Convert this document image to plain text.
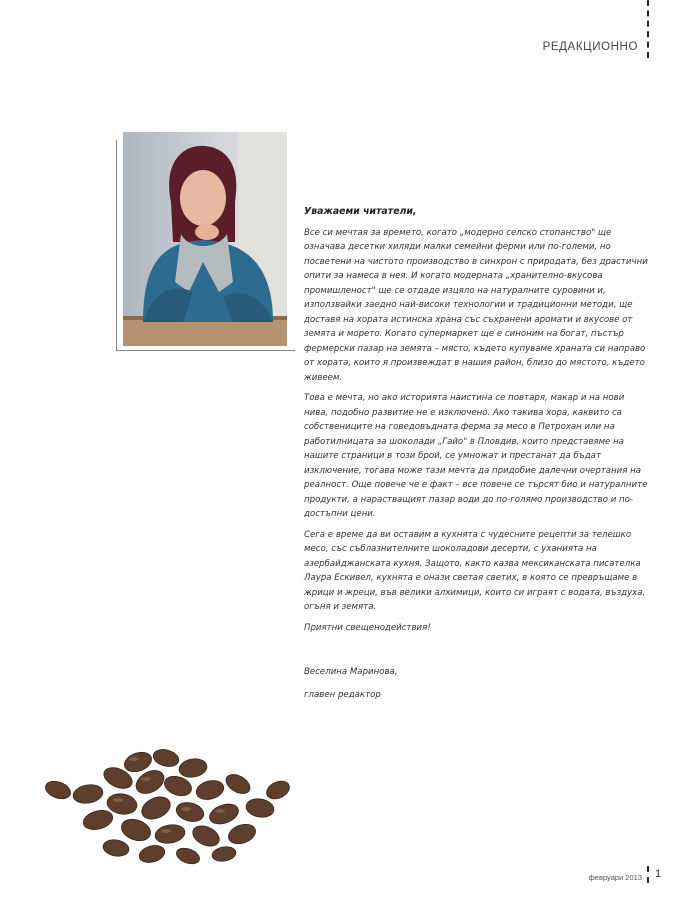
РЕДАКЦИОННО

Уважаеми читатели,

Все си мечтая за времето, когато „модерно селско стопанство" ще означава десетки хиляди малки семейни ферми или по-големи, но посветени на чистото производство в синхрон с природата, без драстични опити за намеса в нея. И когато модерната „хранително-вкусова промишленост" ще се отдаде изцяло на натуралните суровини и, използвайки заедно най-високи технологии и традиционни методи, ще доставя на хората истинска храна със съхранени аромати и вкусове от земята и морето. Когато супермаркет ще е синоним на богат, пъстър фермерски пазар на земята – място, където купуваме храната си направо от хората, които я произвеждат в нашия район, близо до мястото, където живеем.

Това е мечта, но ако историята наистина се повтаря, макар и на нови нива, подобно развитие не е изключено. Ако такива хора, каквито са собствениците на говедовъдната ферма за месо в Петрохан или на работилницата за шоколади „Гайо" в Пловдив, които представяме на нашите страници в този брой, се умножат и престанат да бъдат изключение, тогава може тази мечта да придобие далечни очертания на реалност. Още повече че е факт – все повече се търсят био и натуралните продукти, а нарастващият пазар води до по-голямо производство и по-достъпни цени.

Сега е време да ви оставим в кухнята с чудесните рецепти за телешко месо, със съблазнителните шоколадови десерти, с уханията на азербайджанската кухня. Защото, както казва мексиканската писателка Лаура Ескивел, кухнята е онази светая светих, в която се превръщаме в жрици и жреци, във велики алхимици, които си играят с водата, въздуха, огъня и земята.

Приятни свещенодействия!

Веселина Маринова,

главен редактор

февруари 2013 1
